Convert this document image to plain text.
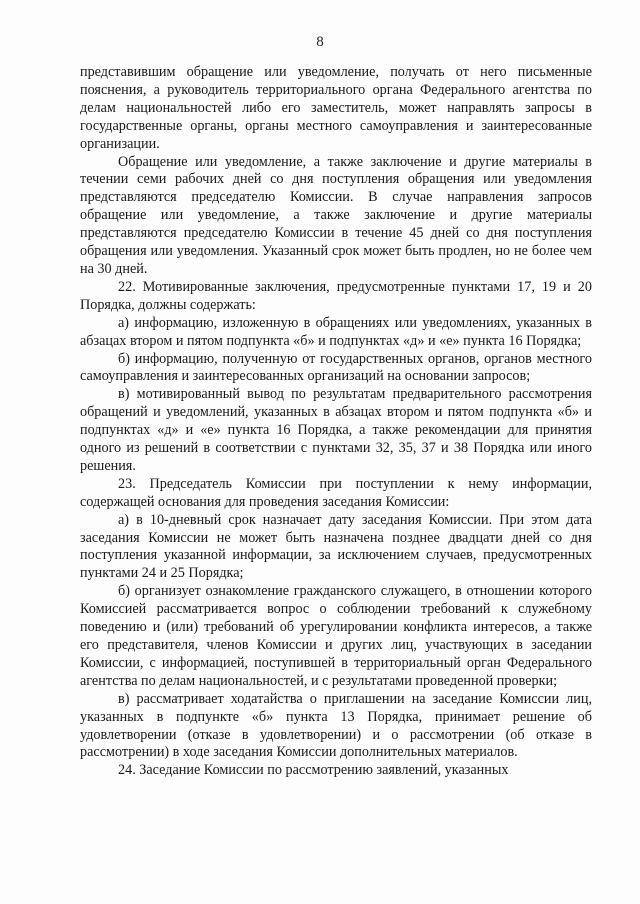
8

представившим обращение или уведомление, получать от него письменные пояснения, а руководитель территориального органа Федерального агентства по делам национальностей либо его заместитель, может направлять запросы в государственные органы, органы местного самоуправления и заинтересованные организации.

Обращение или уведомление, а также заключение и другие материалы в течении семи рабочих дней со дня поступления обращения или уведомления представляются председателю Комиссии. В случае направления запросов обращение или уведомление, а также заключение и другие материалы представляются председателю Комиссии в течение 45 дней со дня поступления обращения или уведомления. Указанный срок может быть продлен, но не более чем на 30 дней.

22. Мотивированные заключения, предусмотренные пунктами 17, 19 и 20 Порядка, должны содержать:

а) информацию, изложенную в обращениях или уведомлениях, указанных в абзацах втором и пятом подпункта «б» и подпунктах «д» и «е» пункта 16 Порядка;

б) информацию, полученную от государственных органов, органов местного самоуправления и заинтересованных организаций на основании запросов;

в) мотивированный вывод по результатам предварительного рассмотрения обращений и уведомлений, указанных в абзацах втором и пятом подпункта «б» и подпунктах «д» и «е» пункта 16 Порядка, а также рекомендации для принятия одного из решений в соответствии с пунктами 32, 35, 37 и 38 Порядка или иного решения.

23. Председатель Комиссии при поступлении к нему информации, содержащей основания для проведения заседания Комиссии:

а) в 10-дневный срок назначает дату заседания Комиссии. При этом дата заседания Комиссии не может быть назначена позднее двадцати дней со дня поступления указанной информации, за исключением случаев, предусмотренных пунктами 24 и 25 Порядка;

б) организует ознакомление гражданского служащего, в отношении которого Комиссией рассматривается вопрос о соблюдении требований к служебному поведению и (или) требований об урегулировании конфликта интересов, а также его представителя, членов Комиссии и других лиц, участвующих в заседании Комиссии, с информацией, поступившей в территориальный орган Федерального агентства по делам национальностей, и с результатами проведенной проверки;

в) рассматривает ходатайства о приглашении на заседание Комиссии лиц, указанных в подпункте «б» пункта 13 Порядка, принимает решение об удовлетворении (отказе в удовлетворении) и о рассмотрении (об отказе в рассмотрении) в ходе заседания Комиссии дополнительных материалов.

24. Заседание Комиссии по рассмотрению заявлений, указанных
